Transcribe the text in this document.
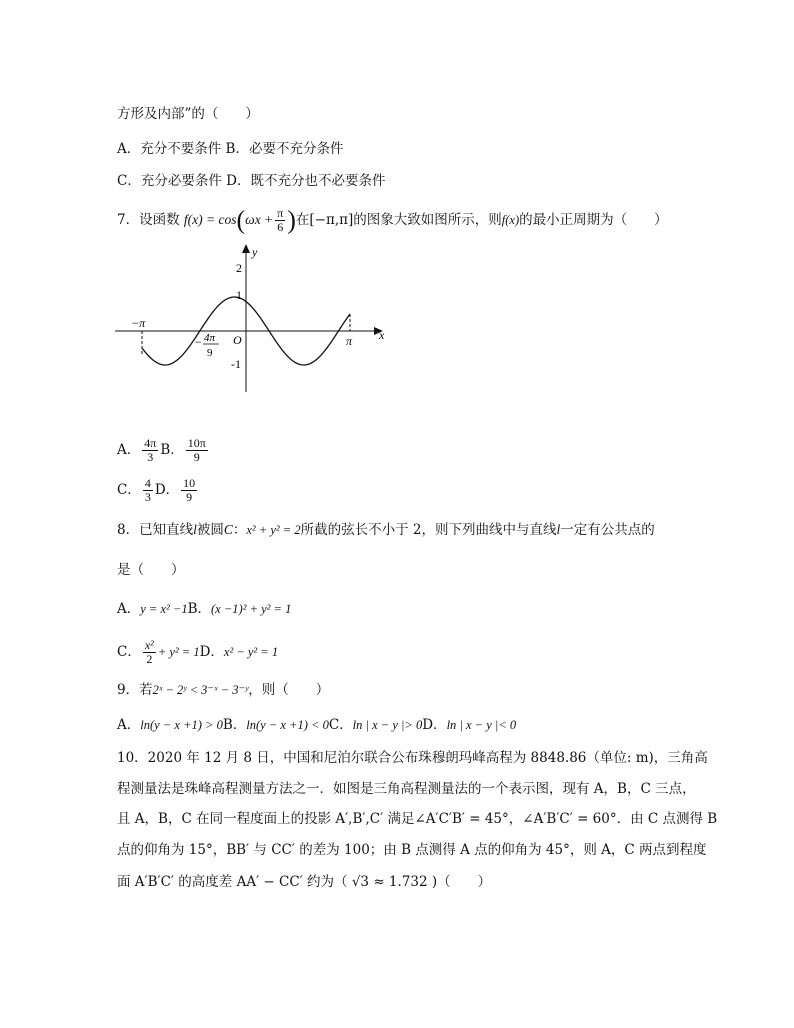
方形及内部”的（　　）
A．充分不要条件 B．必要不充分条件
C．充分必要条件 D．既不充分也不必要条件
7．设函数 $f(x) = \cos(\omega x + \frac{\pi}{6}$ )在[−π,π]的图象大致如图所示，则f(x)的最小正周期为（　　）
y
x
2
1
-1
O
−π
π
− 4π
9
A． $\frac{4\pi}{3}$ B． $\frac{10\pi}{9}$
C． $\frac{4}{3}$ D． $\frac{10}{9}$
8．已知直线l被圆C：x² + y² = 2所截的弦长不小于 2，则下列曲线中与直线l一定有公共点的
是（　　）
A．y = x² −1B．(x −1)² + y² = 1
C． $\frac{\text{x²}}{2} + y^2 = 1D$．x² − y² = 1
9．若2ˣ − 2ʸ < 3⁻ˣ − 3⁻ʸ，则（　　）
A．ln(y − x +1) > 0B．ln(y − x +1) < 0C．ln | x − y |> 0D．ln | x − y |< 0
10．2020 年 12 月 8 日，中国和尼泊尔联合公布珠穆朗玛峰高程为 8848.86（单位: m)，三角高
程测量法是珠峰高程测量方法之一．如图是三角高程测量法的一个表示图，现有 A，B，C 三点，
且 A，B，C 在同一程度面上的投影 A′,B′,C′ 满足∠A′C′B′ = 45°，∠A′B′C′ = 60°．由 C 点测得 B
点的仰角为 15°，BB′ 与 CC′ 的差为 100；由 B 点测得 A 点的仰角为 45°，则 A，C 两点到程度
面 A′B′C′ 的高度差 AA′ − CC′ 约为（ √3 ≈ 1.732 )（　　）
